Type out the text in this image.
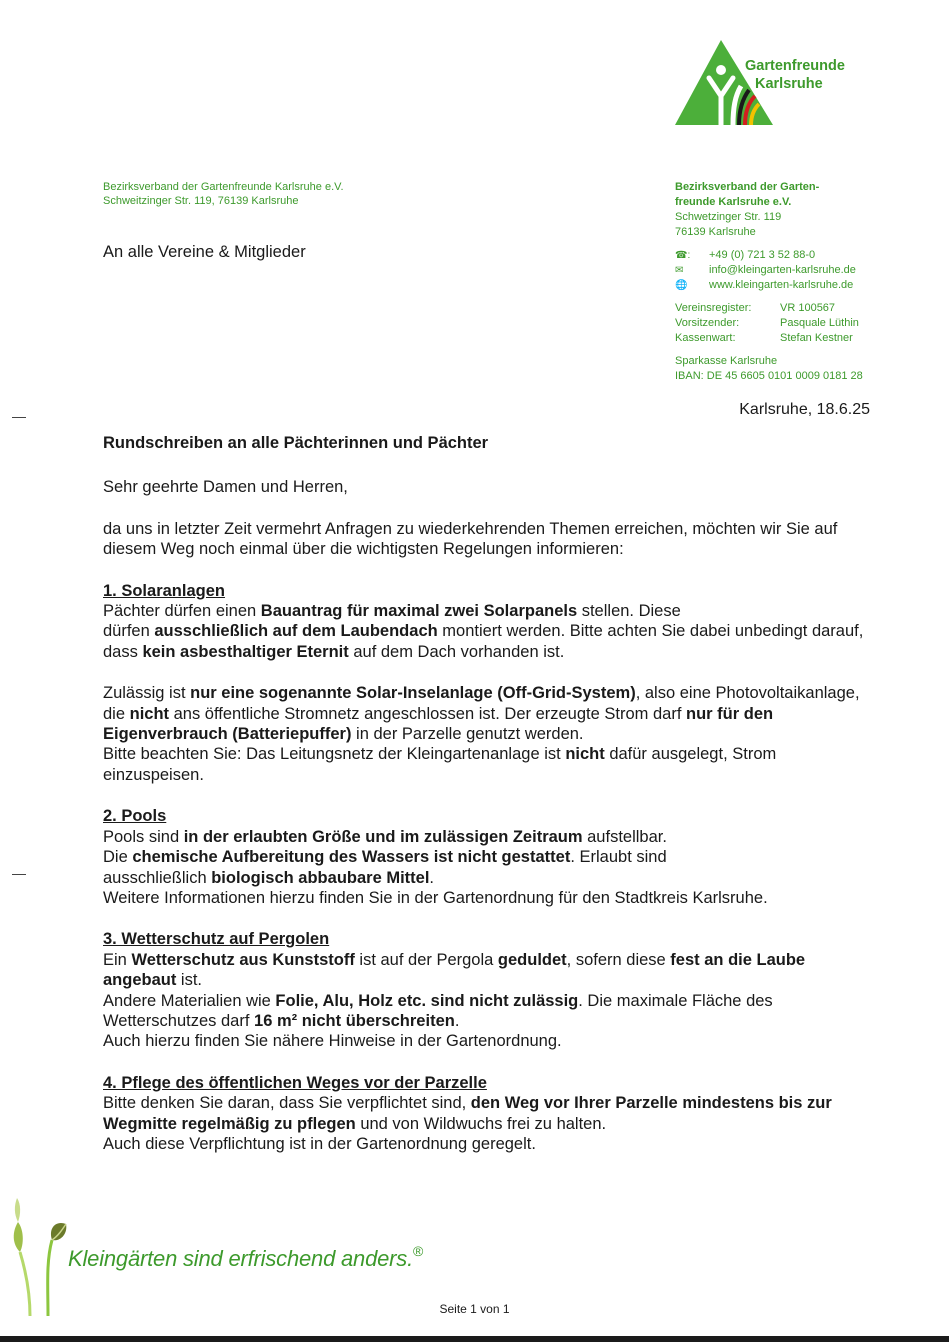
Gartenfreunde
Karlsruhe
Bezirksverband der Gartenfreunde Karlsruhe e.V.
Schweitzinger Str. 119, 76139 Karlsruhe
An alle Vereine & Mitglieder
Bezirksverband der Garten-
freunde Karlsruhe e.V.
Schwetzinger Str. 119
76139 Karlsruhe
☎:	+49 (0) 721 3 52 88-0
✉	info@kleingarten-karlsruhe.de
🌐	www.kleingarten-karlsruhe.de
Vereinsregister:	VR 100567
Vorsitzender:	Pasquale Lüthin
Kassenwart:	Stefan Kestner
Sparkasse Karlsruhe
IBAN: DE 45 6605 0101 0009 0181 28
Karlsruhe, 18.6.25

Rundschreiben an alle Pächterinnen und Pächter

Sehr geehrte Damen und Herren,

da uns in letzter Zeit vermehrt Anfragen zu wiederkehrenden Themen erreichen, möchten wir Sie auf diesem Weg noch einmal über die wichtigsten Regelungen informieren:

1. Solaranlagen

Pächter dürfen einen Bauantrag für maximal zwei Solarpanels stellen. Diese
dürfen ausschließlich auf dem Laubendach montiert werden. Bitte achten Sie dabei unbedingt darauf, dass kein asbesthaltiger Eternit auf dem Dach vorhanden ist.

Zulässig ist nur eine sogenannte Solar-Inselanlage (Off-Grid-System), also eine Photovoltaikanlage, die nicht ans öffentliche Stromnetz angeschlossen ist. Der erzeugte Strom darf nur für den Eigenverbrauch (Batteriepuffer) in der Parzelle genutzt werden.

Bitte beachten Sie: Das Leitungsnetz der Kleingartenanlage ist nicht dafür ausgelegt, Strom einzuspeisen.

2. Pools

Pools sind in der erlaubten Größe und im zulässigen Zeitraum aufstellbar.

Die chemische Aufbereitung des Wassers ist nicht gestattet. Erlaubt sind

ausschließlich biologisch abbaubare Mittel.

Weitere Informationen hierzu finden Sie in der Gartenordnung für den Stadtkreis Karlsruhe.

3. Wetterschutz auf Pergolen

Ein Wetterschutz aus Kunststoff ist auf der Pergola geduldet, sofern diese fest an die Laube angebaut ist.

Andere Materialien wie Folie, Alu, Holz etc. sind nicht zulässig. Die maximale Fläche des Wetterschutzes darf 16 m² nicht überschreiten.

Auch hierzu finden Sie nähere Hinweise in der Gartenordnung.

4. Pflege des öffentlichen Weges vor der Parzelle

Bitte denken Sie daran, dass Sie verpflichtet sind, den Weg vor Ihrer Parzelle mindestens bis zur Wegmitte regelmäßig zu pflegen und von Wildwuchs frei zu halten.

Auch diese Verpflichtung ist in der Gartenordnung geregelt.

Kleingärten sind erfrischend anders.®
Seite 1 von 1
